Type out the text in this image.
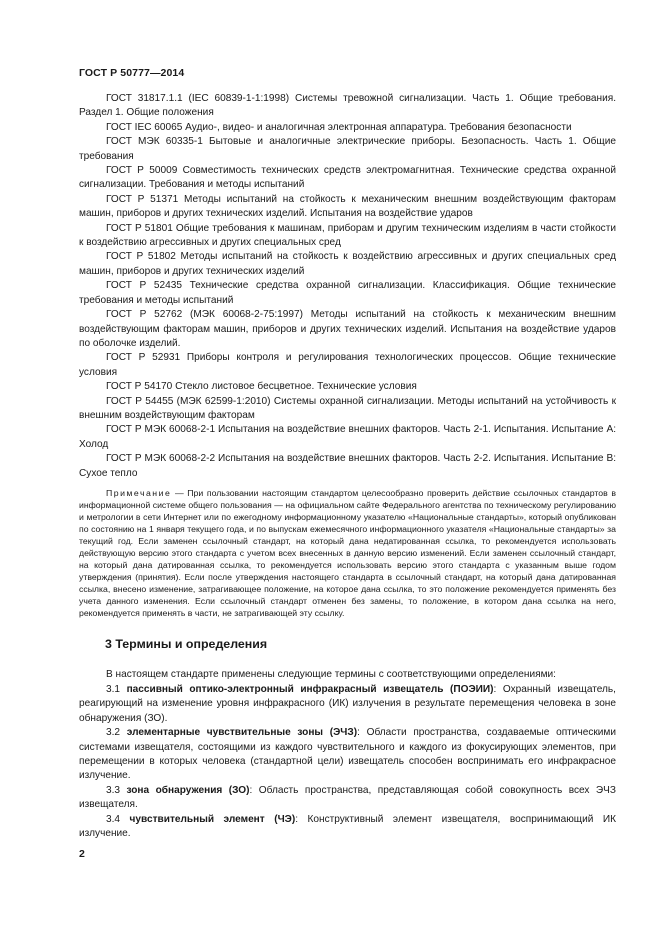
ГОСТ Р 50777—2014

ГОСТ 31817.1.1 (IEC 60839-1-1:1998) Системы тревожной сигнализации. Часть 1. Общие требования. Раздел 1. Общие положения

ГОСТ IEC 60065 Аудио-, видео- и аналогичная электронная аппаратура. Требования безопасности

ГОСТ МЭК 60335-1 Бытовые и аналогичные электрические приборы. Безопасность. Часть 1. Общие требования

ГОСТ Р 50009 Совместимость технических средств электромагнитная. Технические средства охранной сигнализации. Требования и методы испытаний

ГОСТ Р 51371 Методы испытаний на стойкость к механическим внешним воздействующим факторам машин, приборов и других технических изделий. Испытания на воздействие ударов

ГОСТ Р 51801 Общие требования к машинам, приборам и другим техническим изделиям в части стойкости к воздействию агрессивных и других специальных сред

ГОСТ Р 51802 Методы испытаний на стойкость к воздействию агрессивных и других специальных сред машин, приборов и других технических изделий

ГОСТ Р 52435 Технические средства охранной сигнализации. Классификация. Общие технические требования и методы испытаний

ГОСТ Р 52762 (МЭК 60068-2-75:1997) Методы испытаний на стойкость к механическим внешним воздействующим факторам машин, приборов и других технических изделий. Испытания на воздействие ударов по оболочке изделий.

ГОСТ Р 52931 Приборы контроля и регулирования технологических процессов. Общие технические условия

ГОСТ Р 54170 Стекло листовое бесцветное. Технические условия

ГОСТ Р 54455 (МЭК 62599-1:2010) Системы охранной сигнализации. Методы испытаний на устойчивость к внешним воздействующим факторам

ГОСТ Р МЭК 60068-2-1 Испытания на воздействие внешних факторов. Часть 2-1. Испытания. Испытание А: Холод

ГОСТ Р МЭК 60068-2-2 Испытания на воздействие внешних факторов. Часть 2-2. Испытания. Испытание В: Сухое тепло

Примечание — При пользовании настоящим стандартом целесообразно проверить действие ссылочных стандартов в информационной системе общего пользования — на официальном сайте Федерального агентства по техническому регулированию и метрологии в сети Интернет или по ежегодному информационному указателю «Национальные стандарты», который опубликован по состоянию на 1 января текущего года, и по выпускам ежемесячного информационного указателя «Национальные стандарты» за текущий год. Если заменен ссылочный стандарт, на который дана недатированная ссылка, то рекомендуется использовать действующую версию этого стандарта с учетом всех внесенных в данную версию изменений. Если заменен ссылочный стандарт, на который дана датированная ссылка, то рекомендуется использовать версию этого стандарта с указанным выше годом утверждения (принятия). Если после утверждения настоящего стандарта в ссылочный стандарт, на который дана датированная ссылка, внесено изменение, затрагивающее положение, на которое дана ссылка, то это положение рекомендуется применять без учета данного изменения. Если ссылочный стандарт отменен без замены, то положение, в котором дана ссылка на него, рекомендуется применять в части, не затрагивающей эту ссылку.

3 Термины и определения

В настоящем стандарте применены следующие термины с соответствующими определениями:

3.1 пассивный оптико-электронный инфракрасный извещатель (ПОЭИИ): Охранный извещатель, реагирующий на изменение уровня инфракрасного (ИК) излучения в результате перемещения человека в зоне обнаружения (ЗО).

3.2 элементарные чувствительные зоны (ЭЧЗ): Области пространства, создаваемые оптическими системами извещателя, состоящими из каждого чувствительного и каждого из фокусирующих элементов, при перемещении в которых человека (стандартной цели) извещатель способен воспринимать его инфракрасное излучение.

3.3 зона обнаружения (ЗО): Область пространства, представляющая собой совокупность всех ЭЧЗ извещателя.

3.4 чувствительный элемент (ЧЭ): Конструктивный элемент извещателя, воспринимающий ИК излучение.

2
